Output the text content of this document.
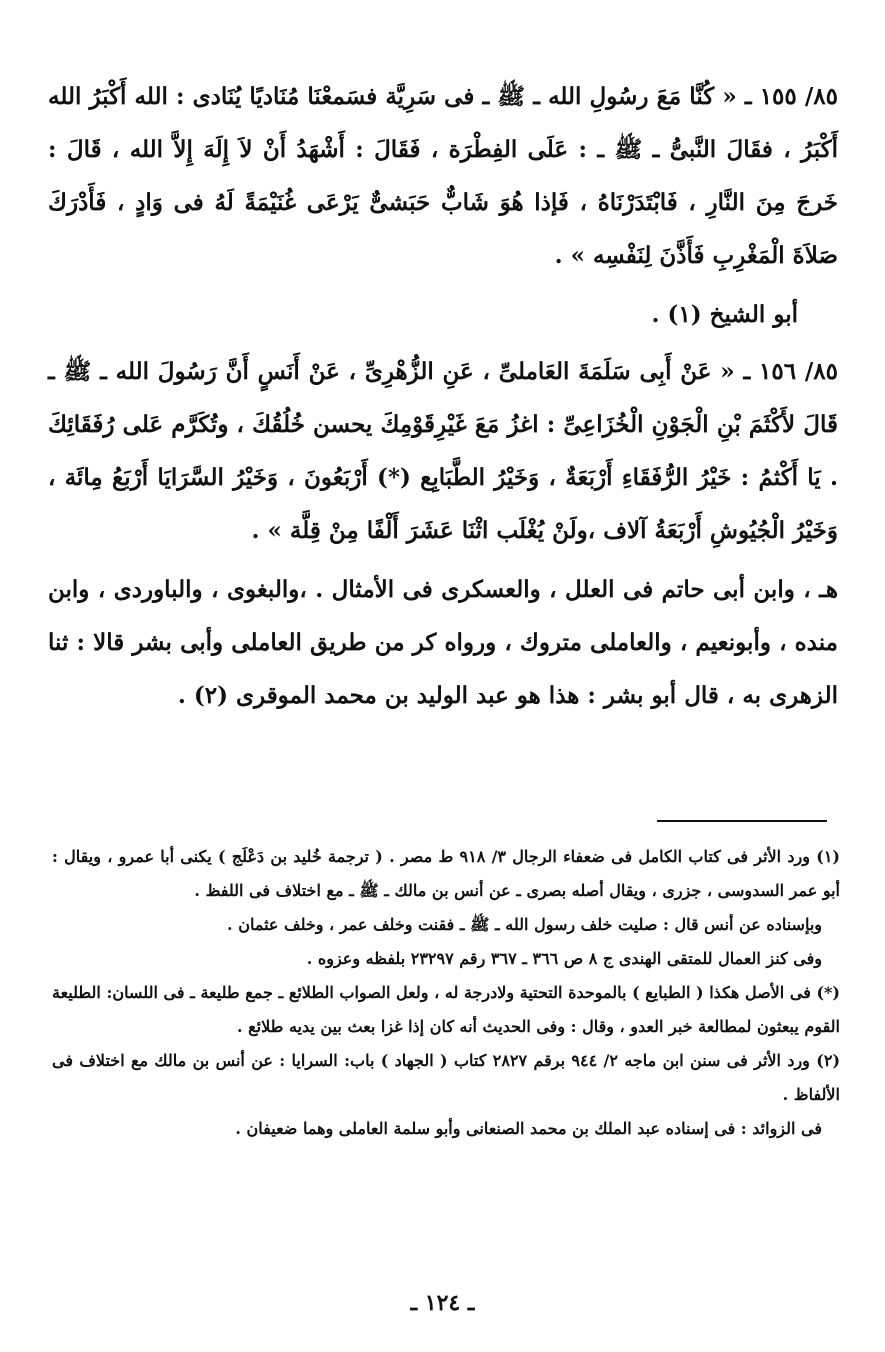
٨٥/ ١٥٥ ـ « كُنَّا مَعَ رسُولِ الله ـ ﷺ ـ فى سَرِيَّة فسَمعْنَا مُنَاديًا يُنَادى : الله أَكْبَرُ الله أَكْبَرُ ، فقَالَ النَّبىُّ ـ ﷺ ـ : عَلَى الفِطْرَة ، فَقَالَ : أَشْهَدُ أَنْ لاَ إِلَهَ إِلاَّ الله ، قَالَ : خَرجَ مِنَ النَّارِ ، فَابْتَدَرْنَاهُ ، فَإذا هُوَ شَابٌّ حَبَشىٌّ يَرْعَى غُنَيْمَةً لَهُ فى وَادٍ ، فَأَدْرَكَ صَلاَةَ الْمَغْرِبِ فَأَذَّنَ لِنَفْسِه » .

أبو الشيخ (١) .

٨٥/ ١٥٦ ـ « عَنْ أَبِى سَلَمَةَ العَاملىِّ ، عَنِ الزُّهْرِىِّ ، عَنْ أَنَسٍ أَنَّ رَسُولَ الله ـ ﷺ ـ قَالَ لأَكْثَمَ بْنِ الْجَوْنِ الْخُزَاعِىِّ : اغزُ مَعَ غَيْرِقَوْمِكَ يحسن خُلُقُكَ ، وتُكَرَّم عَلى رُفَقَائِكَ . يَا أَكْثمُ : خَيْرُ الرُّفَقَاءِ أَرْبَعَةٌ ، وَخَيْرُ الطَّبَابِع (*) أَرْبَعُونَ ، وَخَيْرُ السَّرَايَا أَرْبَعُ مِائَة ، وَخَيْرُ الْجُيُوشِ أَرْبَعَةُ آلاف ،ولَنْ يُغْلَب اثْنَا عَشَرَ أَلْفًا مِنْ قِلَّة » .

هـ ، وابن أبى حاتم فى العلل ، والعسكرى فى الأمثال . ،والبغوى ، والباوردى ، وابن منده ، وأبونعيم ، والعاملى متروك ، ورواه كر من طريق العاملى وأبى بشر قالا : ثنا الزهرى به ، قال أبو بشر : هذا هو عبد الوليد بن محمد الموقرى (٢) .

(١) ورد الأثر فى كتاب الكامل فى ضعفاء الرجال ٣/ ٩١٨ ط مصر . ( ترجمة خُليد بن دَعْلَج ) يكنى أبا عمرو ، ويقال : أبو عمر السدوسى ، جزرى ، ويقال أصله بصرى ـ عن أنس بن مالك ـ ﷺ ـ مع اختلاف فى اللفظ .

وبإسناده عن أنس قال : صليت خلف رسول الله ـ ﷺ ـ فقنت وخلف عمر ، وخلف عثمان .

وفى كنز العمال للمتقى الهندى ج ٨ ص ٣٦٦ ـ ٣٦٧ رقم ٢٣٢٩٧ بلفظه وعزوه .

(*) فى الأصل هكذا ( الطبايع ) بالموحدة التحتية ولادرجة له ، ولعل الصواب الطلائع ـ جمع طليعة ـ فى اللسان: الطليعة القوم يبعثون لمطالعة خبر العدو ، وقال : وفى الحديث أنه كان إذا غزا بعث بين يديه طلائع .

(٢) ورد الأثر فى سنن ابن ماجه ٢/ ٩٤٤ برقم ٢٨٢٧ كتاب ( الجهاد ) باب: السرايا : عن أنس بن مالك مع اختلاف فى الألفاظ .

فى الزوائد : فى إسناده عبد الملك بن محمد الصنعانى وأبو سلمة العاملى وهما ضعيفان .

ـ ١٢٤ ـ
